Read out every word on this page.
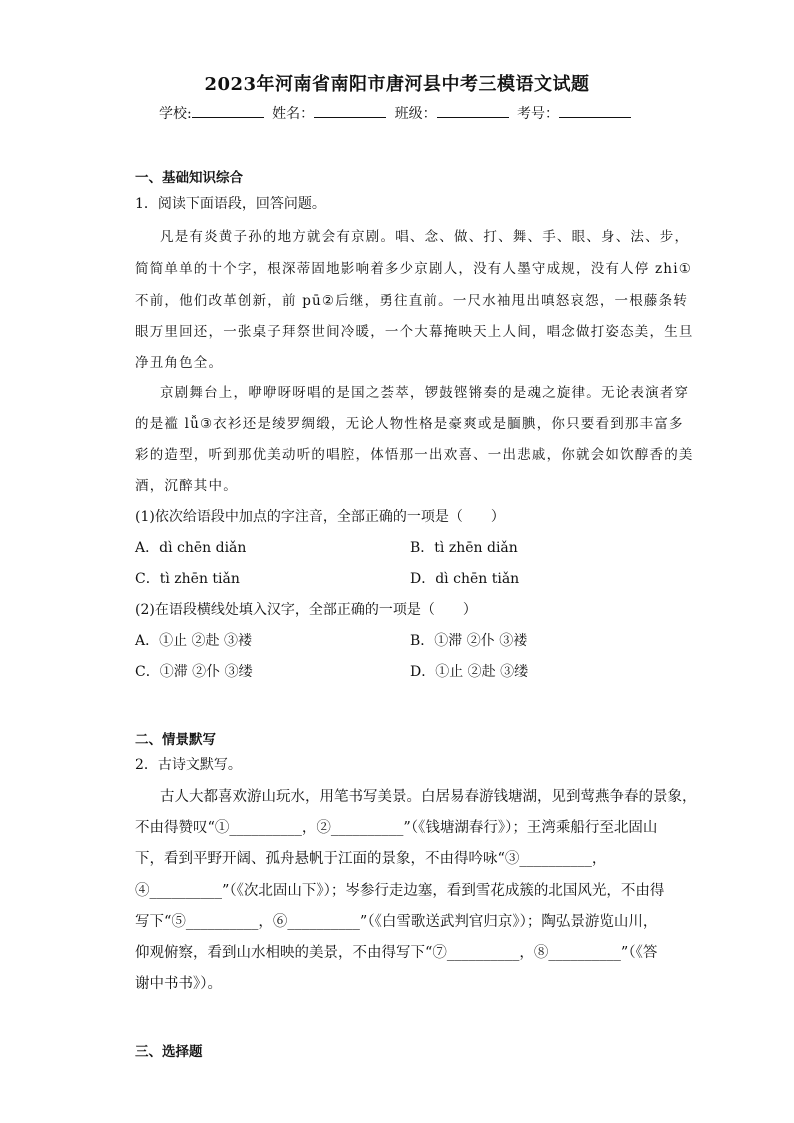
2023年河南省南阳市唐河县中考三模语文试题
学校:	姓名：	班级：	考号：
一、基础知识综合
1．阅读下面语段，回答问题。
凡是有炎黄子孙的地方就会有京剧。唱、念、做、打、舞、手、眼、身、法、步，
简简单单的十个字，根深蒂固地影响着多少京剧人，没有人墨守成规，没有人停 zhi①
不前，他们改革创新，前 pū②后继，勇往直前。一尺水袖甩出嗔怒哀怨，一根藤条转
眼万里回还，一张桌子拜祭世间冷暖，一个大幕掩映天上人间，唱念做打姿态美，生旦
净丑角色全。
京剧舞台上，咿咿呀呀唱的是国之荟萃，锣鼓铿锵奏的是魂之旋律。无论表演者穿
的是褴 lǚ③衣衫还是绫罗绸缎，无论人物性格是豪爽或是腼腆，你只要看到那丰富多
彩的造型，听到那优美动听的唱腔，体悟那一出欢喜、一出悲戚，你就会如饮醇香的美
酒，沉醉其中。
(1)依次给语段中加点的字注音，全部正确的一项是（　　）
A．dì chēn diǎn	B．tì zhēn diǎn
C．tì zhēn tiǎn	D．dì chēn tiǎn
(2)在语段横线处填入汉字，全部正确的一项是（　　）
A．①止 ②赴 ③褛	B．①滞 ②仆 ③褛
C．①滞 ②仆 ③缕	D．①止 ②赴 ③缕
二、情景默写
2．古诗文默写。
古人大都喜欢游山玩水，用笔书写美景。白居易春游钱塘湖，见到莺燕争春的景象，
不由得赞叹“①__________，②__________”（《钱塘湖春行》）；王湾乘船行至北固山
下，看到平野开阔、孤舟悬帆于江面的景象，不由得吟咏“③__________，
④__________”（《次北固山下》）；岑参行走边塞，看到雪花成簇的北国风光，不由得
写下“⑤__________，⑥__________”（《白雪歌送武判官归京》）；陶弘景游览山川，
仰观俯察，看到山水相映的美景，不由得写下“⑦__________，⑧__________”（《答
谢中书书》）。
三、选择题
